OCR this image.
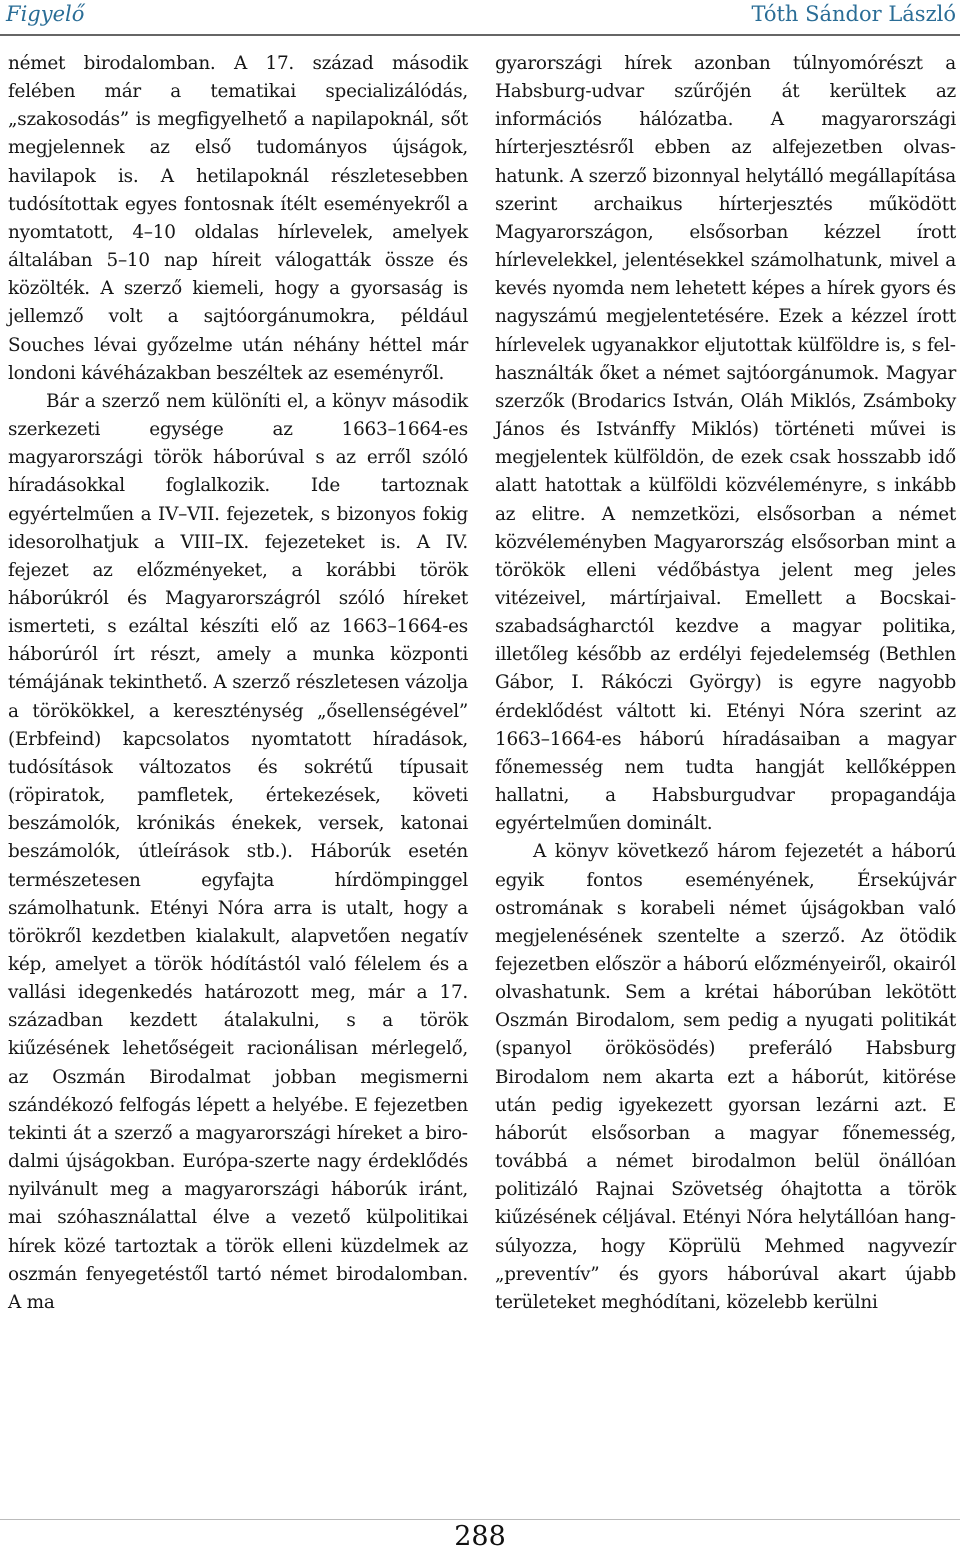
Figyelő	Tóth Sándor László

német birodalomban. A 17. század második felében már a tematikai specializálódás, „szakosodás” is megfigyelhető a napilapoknál, sőt megjelennek az első tudományos újságok, havilapok is. A hetilapoknál részletesebben tudósítottak egyes fontosnak ítélt eseményekről a nyomtatott, 4–10 oldalas hírlevelek, amelyek általában 5–10 nap híreit válogatták össze és közölték. A szerző kiemeli, hogy a gyorsaság is jellemző volt a sajtóorgánumokra, például Souches lévai győzelme után néhány héttel már londoni kávéházakban beszéltek az eseményről.

Bár a szerző nem különíti el, a könyv második szerkezeti egysége az 1663–1664-es magyarországi török háborúval s az erről szóló híradásokkal foglalkozik. Ide tartoznak egyértelműen a IV–VII. fejezetek, s bizonyos fokig idesorolhatjuk a VIII–IX. fejezeteket is. A IV. fejezet az előzményeket, a korábbi török háborúkról és Magyarországról szóló híreket ismerteti, s ezáltal készíti elő az 1663–1664-es háborúról írt részt, amely a munka központi témájának tekinthető. A szerző részletesen vázolja a törökökkel, a kereszténység „ősellenségével” (Erbfeind) kapcsolatos nyomtatott híradások, tudósítások változatos és sokrétű típusait (röpiratok, pamfletek, értekezések, követi beszámolók, krónikás énekek, versek, katonai beszámolók, útleírások stb.). Háborúk esetén természetesen egyfajta hírdömpinggel számolhatunk. Etényi Nóra arra is utalt, hogy a törökről kezdetben kialakult, alapvetően negatív kép, amelyet a török hódítástól való félelem és a vallási idegenkedés határozott meg, már a 17. században kezdett átalakulni, s a török kiűzésének lehetőségeit racionálisan mérlegelő, az Oszmán Birodalmat jobban megismerni szándékozó felfogás lépett a helyébe. E fejezetben tekinti át a szerző a magyarországi híreket a birodalmi újságokban. Európa-szerte nagy érdeklődés nyilvánult meg a magyarországi háborúk iránt, mai szóhasználattal élve a vezető külpolitikai hírek közé tartoztak a török elleni küzdelmek az oszmán fenyegetéstől tartó német birodalomban. A ma

gyarországi hírek azonban túlnyomórészt a Habsburg-udvar szűrőjén át kerültek az információs hálózatba. A magyarországi hírterjesztésről ebben az alfejezetben olvashatunk. A szerző bizonnyal helytálló megállapítása szerint archaikus hírterjesztés működött Magyarországon, elsősorban kézzel írott hírlevelekkel, jelentésekkel számolhatunk, mivel a kevés nyomda nem lehetett képes a hírek gyors és nagyszámú megjelentetésére. Ezek a kézzel írott hírlevelek ugyanakkor eljutottak külföldre is, s felhasználták őket a német sajtóorgánumok. Magyar szerzők (Brodarics István, Oláh Miklós, Zsámboky János és Istvánffy Miklós) történeti művei is megjelentek külföldön, de ezek csak hosszabb idő alatt hatottak a külföldi közvéleményre, s inkább az elitre. A nemzetközi, elsősorban a német közvéleményben Magyarország elsősorban mint a törökök elleni védőbástya jelent meg jeles vitézeivel, mártírjaival. Emellett a Bocskai-szabadságharctól kezdve a magyar politika, illetőleg később az erdélyi fejedelemség (Bethlen Gábor, I. Rákóczi György) is egyre nagyobb érdeklődést váltott ki. Etényi Nóra szerint az 1663–1664-es háború híradásaiban a magyar főnemesség nem tudta hangját kellőképpen hallatni, a Habsburgudvar propagandája egyértelműen dominált.

A könyv következő három fejezetét a háború egyik fontos eseményének, Érsekújvár ostromának s korabeli német újságokban való megjelenésének szentelte a szerző. Az ötödik fejezetben először a háború előzményeiről, okairól olvashatunk. Sem a krétai háborúban lekötött Oszmán Birodalom, sem pedig a nyugati politikát (spanyol örökösödés) preferáló Habsburg Birodalom nem akarta ezt a háborút, kitörése után pedig igyekezett gyorsan lezárni azt. E háborút elsősorban a magyar főnemesség, továbbá a német birodalmon belül önállóan politizáló Rajnai Szövetség óhajtotta a török kiűzésének céljával. Etényi Nóra helytállóan hangsúlyozza, hogy Köprülü Mehmed nagyvezír „preventív” és gyors háborúval akart újabb területeket meghódítani, közelebb kerülni

288
